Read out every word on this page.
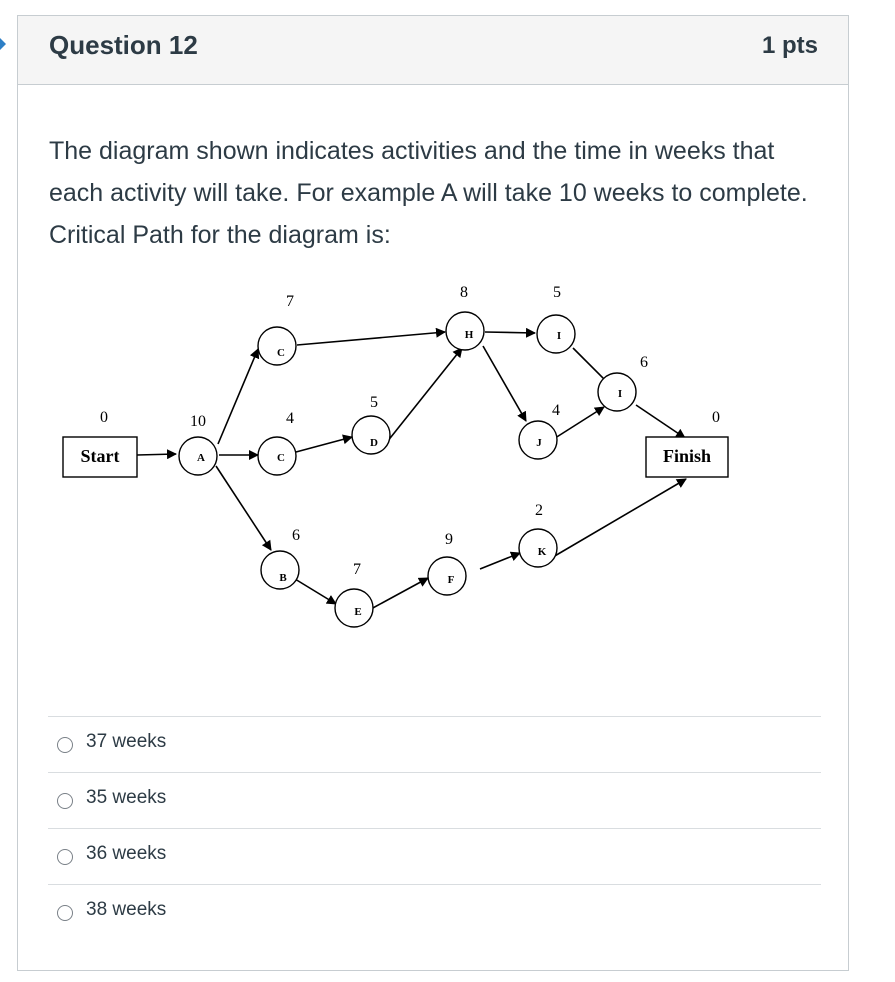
Question 12	1 pts
The diagram shown indicates activities and the time in weeks that each activity will take. For example A will take 10 weeks to complete. Critical Path for the diagram is:
Start
0
Finish
0
A
C
C
B
D
E
F
H	I
J
K
I
10
7
4
6
5
7
9
8	5
4
2
6
37 weeks
35 weeks
36 weeks
38 weeks
